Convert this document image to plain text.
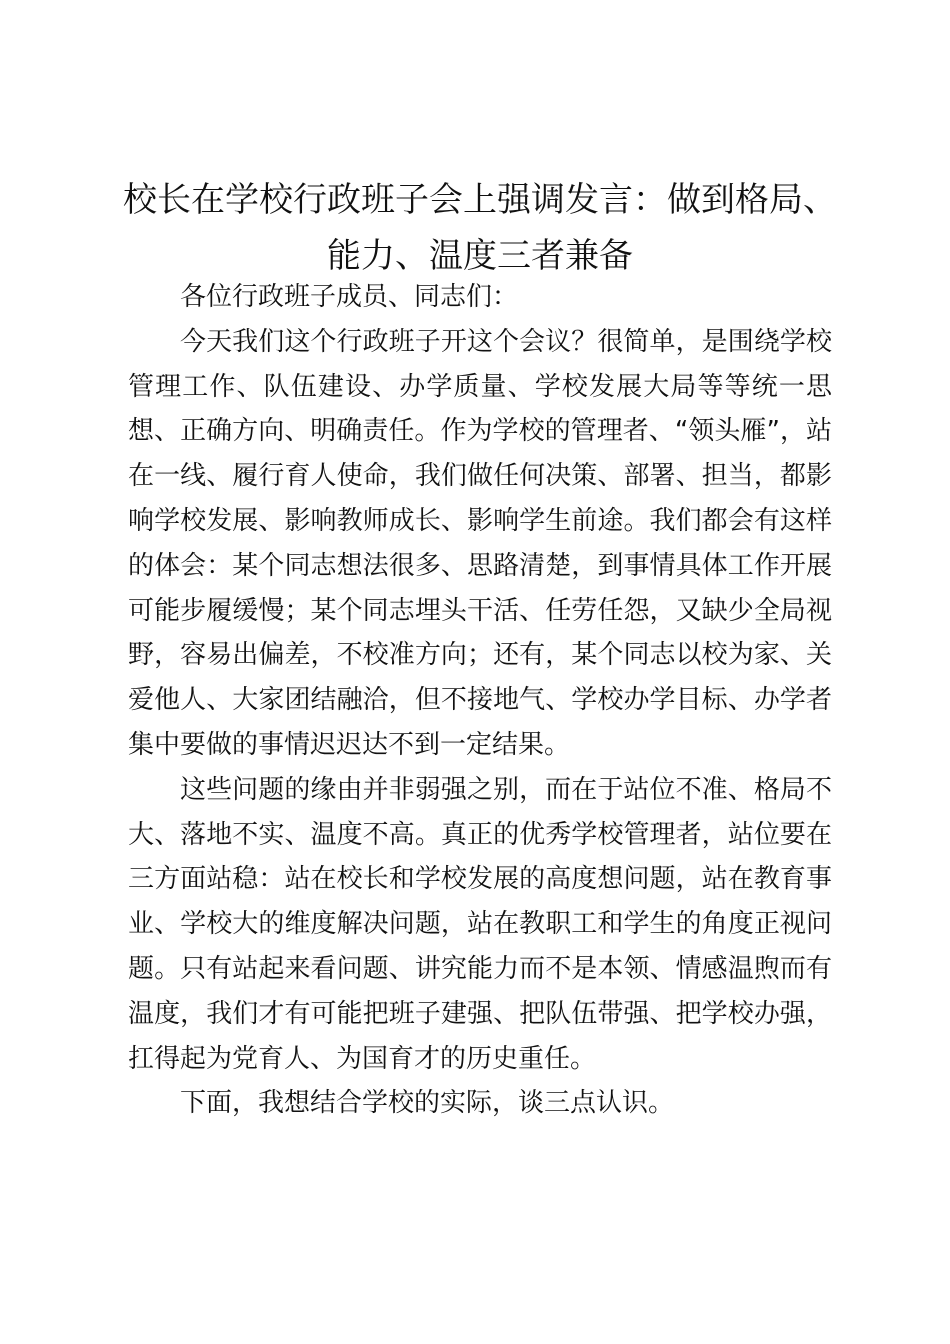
校长在学校行政班子会上强调发言：做到格局、
能力、温度三者兼备

各位行政班子成员、同志们：

今天我们这个行政班子开这个会议？很简单，是围绕学校管理工作、队伍建设、办学质量、学校发展大局等等统一思想、正确方向、明确责任。作为学校的管理者、“领头雁”，站在一线、履行育人使命，我们做任何决策、部署、担当，都影响学校发展、影响教师成长、影响学生前途。我们都会有这样的体会：某个同志想法很多、思路清楚，到事情具体工作开展可能步履缓慢；某个同志埋头干活、任劳任怨，又缺少全局视野，容易出偏差，不校准方向；还有，某个同志以校为家、关爱他人、大家团结融洽，但不接地气、学校办学目标、办学者集中要做的事情迟迟达不到一定结果。

这些问题的缘由并非弱强之别，而在于站位不准、格局不大、落地不实、温度不高。真正的优秀学校管理者，站位要在三方面站稳：站在校长和学校发展的高度想问题，站在教育事业、学校大的维度解决问题，站在教职工和学生的角度正视问题。只有站起来看问题、讲究能力而不是本领、情感温煦而有温度，我们才有可能把班子建强、把队伍带强、把学校办强，扛得起为党育人、为国育才的历史重任。

下面，我想结合学校的实际，谈三点认识。
